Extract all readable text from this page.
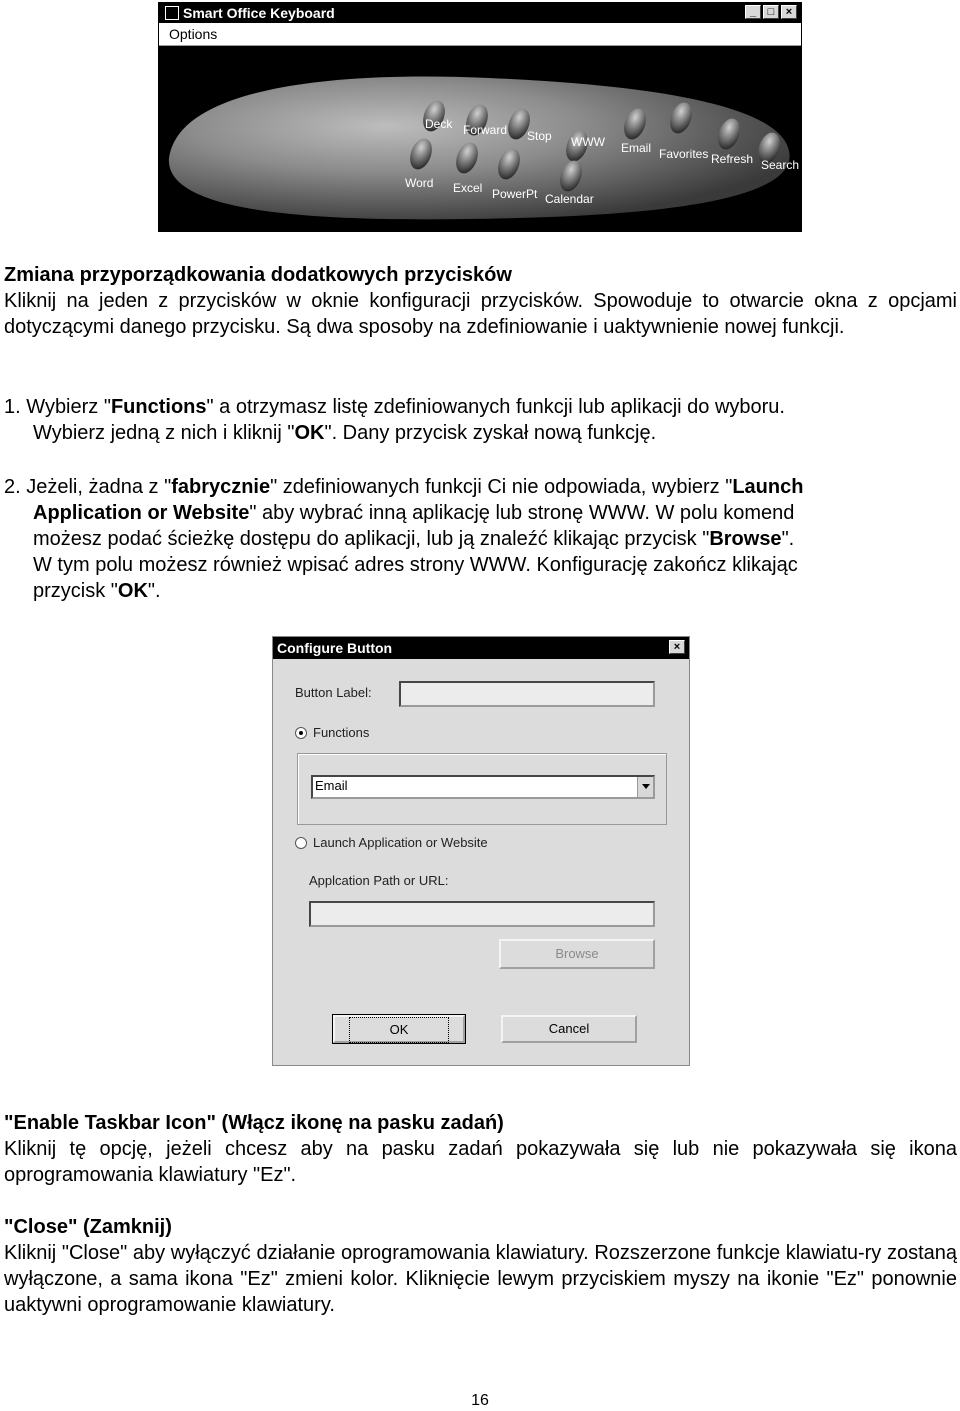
Smart Office Keyboard	_	□	×
Options
Deck Forward Stop WWW Email Favorites Refresh Search
Word Excel PowerPt Calendar
Zmiana przyporządkowania dodatkowych przycisków
Kliknij na jeden z przycisków w oknie konfiguracji przycisków. Spowoduje to otwarcie okna z opcjami dotyczącymi danego przycisku. Są dwa sposoby na zdefiniowanie i uaktywnienie nowej funkcji.
1. Wybierz "Functions" a otrzymasz listę zdefiniowanych funkcji lub aplikacji do wyboru.
Wybierz jedną z nich i kliknij "OK". Dany przycisk zyskał nową funkcję.
2. Jeżeli, żadna z "fabrycznie" zdefiniowanych funkcji Ci nie odpowiada, wybierz "Launch
Application or Website" aby wybrać inną aplikację lub stronę WWW. W polu komend
możesz podać ścieżkę dostępu do aplikacji, lub ją znaleźć klikając przycisk "Browse".
W tym polu możesz również wpisać adres strony WWW. Konfigurację zakończ klikając
przycisk "OK".
Configure Button	×
Button Label:
Functions
Email
Launch Application or Website
Applcation Path or URL:
Browse
OK	Cancel
"Enable Taskbar Icon" (Włącz ikonę na pasku zadań)
Kliknij tę opcję, jeżeli chcesz aby na pasku zadań pokazywała się lub nie pokazywała się ikona oprogramowania klawiatury "Ez".
"Close" (Zamknij)
Kliknij "Close" aby wyłączyć działanie oprogramowania klawiatury. Rozszerzone funkcje klawiatu-ry zostaną wyłączone, a sama ikona "Ez" zmieni kolor. Kliknięcie lewym przyciskiem myszy na ikonie "Ez" ponownie uaktywni oprogramowanie klawiatury.
16
